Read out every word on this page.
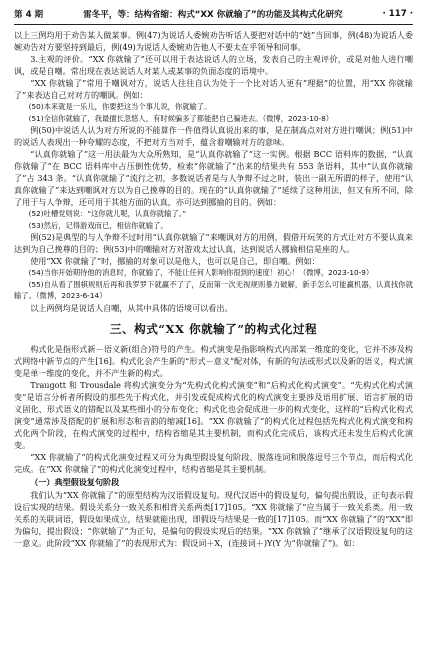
第 4 期	雷冬平，等：结构省缩：构式“XX 你就输了”的功能及其构式化研究	· 117 ·

以上三例均用于劝告某人做某事。例(47)为说话人委婉劝告听话人要把对话中的“她”当回事，例(48)为说话人委婉劝告对方要坚持到最后，例(49)为说话人委婉劝告他人不要太在乎领导和同事。

3.主观的评价。“XX 你就输了”还可以用于表达说话人的立场，发表自己的主观评价，或是对他人进行嘲讽，或是自嘲。常出现在表达说话人对某人或某事的负面态度的语境中。

“XX 你就输了”常用于嘲讽对方，说话人往往自认为处于一个比对话人更有“理据”的位置，用“XX 你就输了”来表达自己对对方的嘲讽。例如：

(50)本来就是一乐儿，你要把这当个事儿说，你就输了。

(51)全信你就输了，我最擅长忽悠人，有时候骗多了都能把自己骗进去。（微博，2023-10-8）

例(50)中说话人认为对方所说的不能算作一件值得认真说出来的事，是在制高点对对方进行嘲讽；例(51)中的说话人表现出一种夸耀的态度，不把对方当对手，蕴含着嘲输对方的意味。

“认真你就输了”这一用法最为大众所熟知，是“认真你就输了”这一实例。根据 BCC 语料库的数据，“认真你就输了”在 BCC 语料库中占压倒性优势，检索“你就输了”出来的结果共有 553 条语料，其中“认真你就输了”占 343 条。“认真你就输了”流行之初，多数说话者是与人争辩不过之时，装出一副无所谓的样子，使用“认真你就输了”来达到嘲讽对方以为自己挽尊的目的。现在的“认真你就输了”延续了这种用法，但又有所不同，除了用于与人争辩，还可用于其他方面的认真，亦可达到挪揄的目的。例如：

(52)吐槽党则说：“这你就儿呢，认真你就输了。”

(53)然后，记得游戏而已，相信你就输了。

例(52)是典型的与人争辩不过时用“认真你就输了”来嘲讽对方的用例，假借开玩笑的方式让对方不要认真来达到为自己挽尊的目的；例(53)中的嘲输对方对游戏太过认真，达到说话人挪揄相信是座的人。

使用“XX 你就输了”时，挪揄的对象可以是他人，也可以是自己，即自嘲。例如：

(54)当你开始期待他的消息时，你就输了，不能让任何人影响你很到的速度！初心！（微博，2023-10-9）

(55)自从看了围棋规则后再和我罗罗下就赢不了了，反而第一次无视规则暴力破解，新手怎么可能赢机器，认真找你就输了。（微博，2023-6-14）

以上两例均是说话人自嘲，从其中具体的语境可以看出。

三、构式“XX 你就输了”的构式化过程

构式化是指形式新－语义新(组合)符号的产生。构式演变是指影响构式内部某一维度的变化，它并不涉及构式网络中新节点的产生[16]。构式化会产生新的“形式－意义”配对体，有新的句法或形式以及新的语义，构式演变是单一维度的变化，并不产生新的构式。

Traugott 和 Trousdale 将构式演变分为“先构式化构式演变”和“后构式化构式演变”。“先构式化构式演变”是语言分析者所假设的那些先于构式化，并引发或促成构式化的构式演变主要涉及语用扩展、语言扩展的语义固化、形式语义的错配以及某些细小的分布变化；构式化也会促成进一步的构式变化，这样的“后构式化构式演变”通常涉及搭配的扩展和形态和音韵的缩减[16]。“XX 你就输了”的构式化过程包括先构式化构式演变和构式化两个阶段，在构式演变的过程中，结构省缩是其主要机制，而构式化完成后，该构式还未发生后构式化演变。

“XX 你就输了”的构式化演变过程又可分为典型假设复句阶段、脱落连词和脱落逗号三个节点，而后构式化完成。在“XX 你就输了”的构式化演变过程中，结构省缩是其主要机制。

（一）典型假设复句阶段

我们认为“XX 你就输了”的原型结构为汉语假设复句。现代汉语中的假设复句，偏句提出假设，正句表示假设后实现的结果。假设关系分一致关系和相背关系两类[17]105。“XX 你就输了”应当属于一致关系类。用一致关系的关联词语，假设如果成立，结果就能出现，即假设与结果是一致的[17]105。而“XX 你就输了”的“XX”即为偏句，提出假设；“你就输了”为正句，是偏句的假设实现后的结果。“XX 你就输了”继承了汉语假设复句的这一意义。此阶段“XX 你就输了”的表现形式为：假设词＋X，(连接词＋)Y(Y 为“你就输了”)。如：
